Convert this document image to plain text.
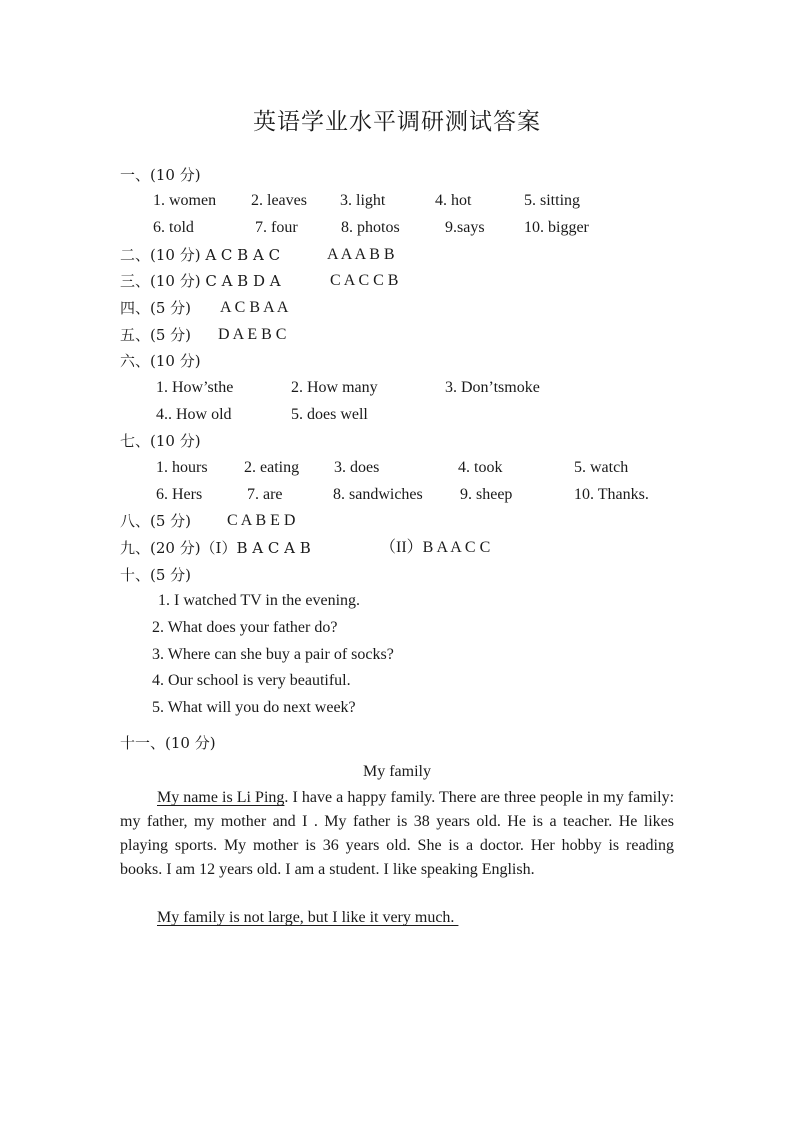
英语学业水平调研测试答案
一、(10 分)
1. women 2. leaves 3. light	4. hot	5. sitting
6. told	7. four	8. photos	9.says 10. bigger
二、(10 分) A C B A C	A A A B B
三、(10 分) C A B D A	C A C C B
四、(5 分) A C B A A
五、(5 分) D A E B C
六、(10 分)
1. How’sthe	2. How many	3. Don’tsmoke
4.. How old	5. does well
七、(10 分)
1. hours 2. eating 3. does	4. took	5. watch
6. Hers	7. are	8. sandwiches 9. sheep	10. Thanks.
八、(5 分) C A B E D
九、(20 分)（I）B A C A B	（II）B A A C C
十、(5 分)
1. I watched TV in the evening.
2. What does your father do?
3. Where can she buy a pair of socks?
4. Our school is very beautiful.
5. What will you do next week?
十一、(10 分)
My family
My name is Li Ping. I have a happy family. There are three people in my family: my father, my mother and I . My father is 38 years old. He is a teacher. He likes playing sports. My mother is 36 years old. She is a doctor. Her hobby is reading books. I am 12 years old. I am a student. I like speaking English.
My family is not large, but I like it very much.
